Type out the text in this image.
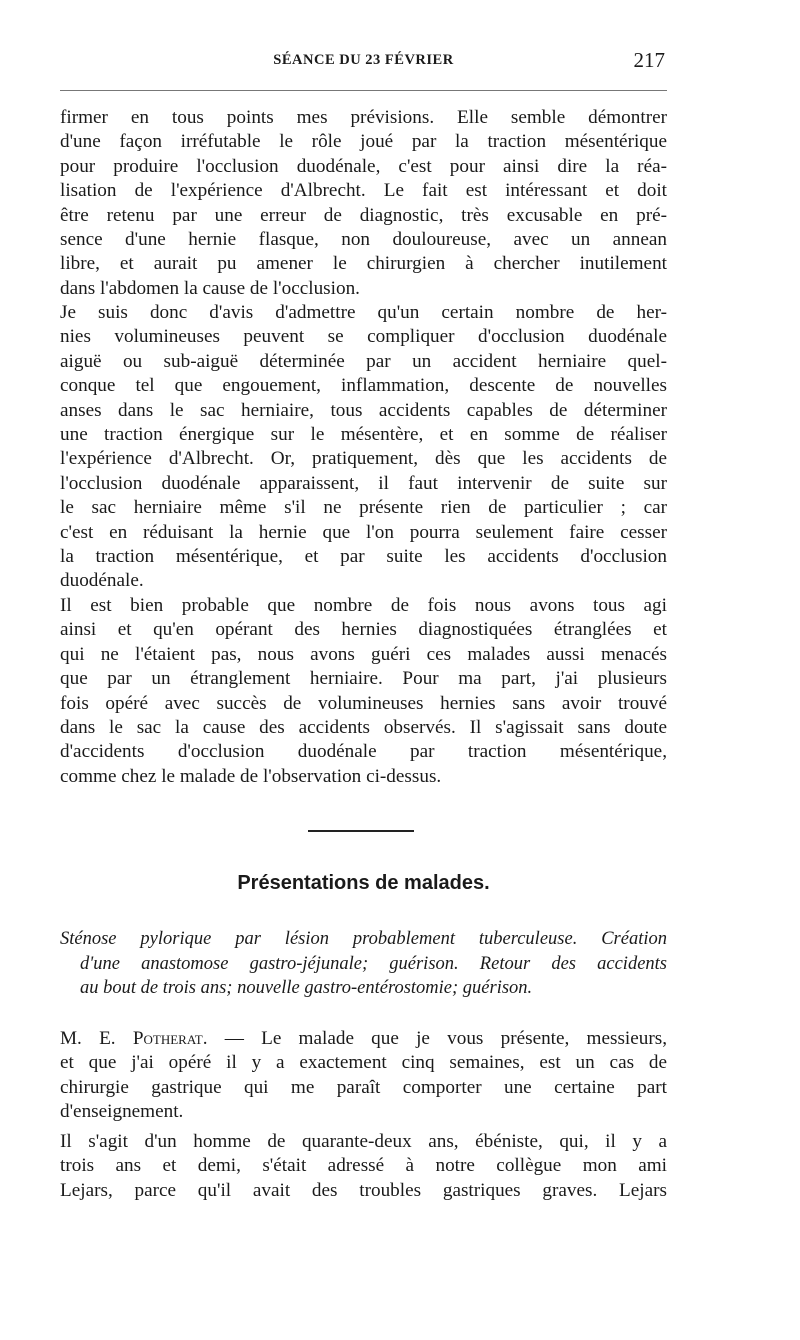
SÉANCE DU 23 FÉVRIER	217
firmer en tous points mes prévisions. Elle semble démontrer
d'une façon irréfutable le rôle joué par la traction mésentérique
pour produire l'occlusion duodénale, c'est pour ainsi dire la réa-
lisation de l'expérience d'Albrecht. Le fait est intéressant et doit
être retenu par une erreur de diagnostic, très excusable en pré-
sence d'une hernie flasque, non douloureuse, avec un annean
libre, et aurait pu amener le chirurgien à chercher inutilement
dans l'abdomen la cause de l'occlusion.
Je suis donc d'avis d'admettre qu'un certain nombre de her-
nies volumineuses peuvent se compliquer d'occlusion duodénale
aiguë ou sub-aiguë déterminée par un accident herniaire quel-
conque tel que engouement, inflammation, descente de nouvelles
anses dans le sac herniaire, tous accidents capables de déterminer
une traction énergique sur le mésentère, et en somme de réaliser
l'expérience d'Albrecht. Or, pratiquement, dès que les accidents de
l'occlusion duodénale apparaissent, il faut intervenir de suite sur
le sac herniaire même s'il ne présente rien de particulier ; car
c'est en réduisant la hernie que l'on pourra seulement faire cesser
la traction mésentérique, et par suite les accidents d'occlusion
duodénale.
Il est bien probable que nombre de fois nous avons tous agi
ainsi et qu'en opérant des hernies diagnostiquées étranglées et
qui ne l'étaient pas, nous avons guéri ces malades aussi menacés
que par un étranglement herniaire. Pour ma part, j'ai plusieurs
fois opéré avec succès de volumineuses hernies sans avoir trouvé
dans le sac la cause des accidents observés. Il s'agissait sans doute
d'accidents d'occlusion duodénale par traction mésentérique,
comme chez le malade de l'observation ci-dessus.
Présentations de malades.
Sténose pylorique par lésion probablement tuberculeuse. Création
d'une anastomose gastro-jéjunale; guérison. Retour des accidents
au bout de trois ans; nouvelle gastro-entérostomie; guérison.
M. E. Potherat. — Le malade que je vous présente, messieurs,
et que j'ai opéré il y a exactement cinq semaines, est un cas de
chirurgie gastrique qui me paraît comporter une certaine part
d'enseignement.
Il s'agit d'un homme de quarante-deux ans, ébéniste, qui, il y a
trois ans et demi, s'était adressé à notre collègue mon ami
Lejars, parce qu'il avait des troubles gastriques graves. Lejars
